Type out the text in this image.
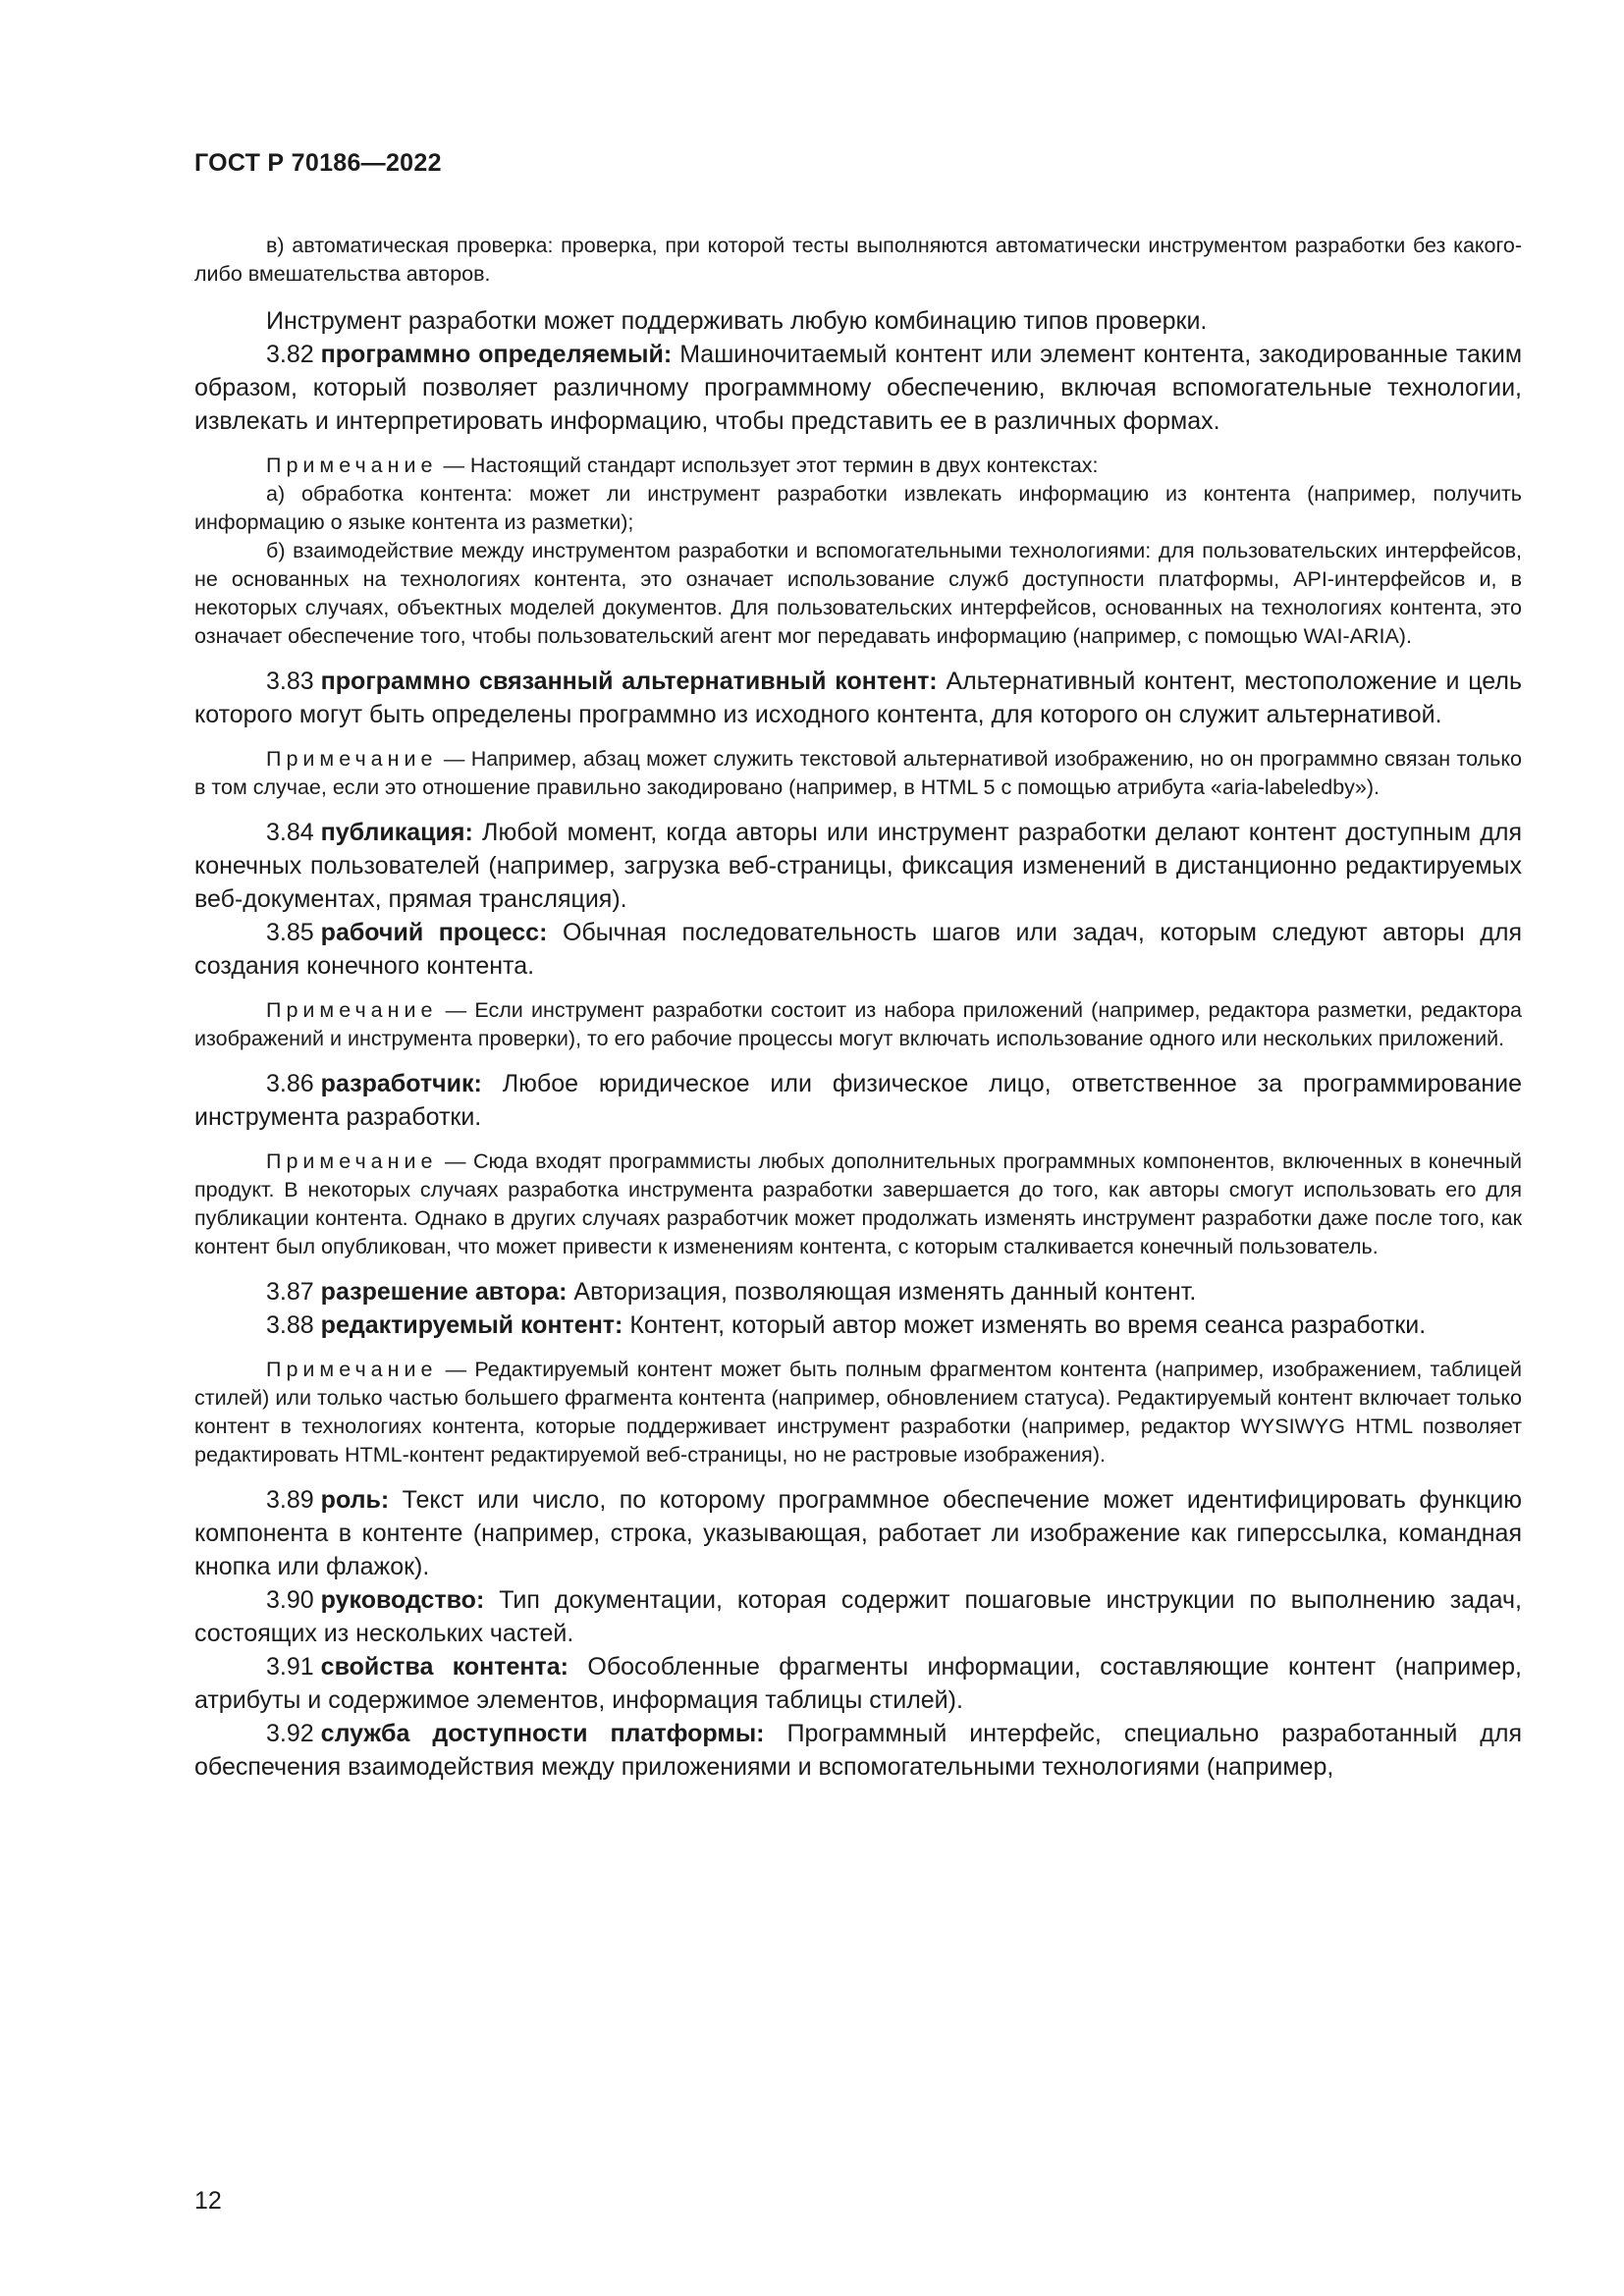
ГОСТ Р 70186—2022

в) автоматическая проверка: проверка, при которой тесты выполняются автоматически инструментом разработки без какого-либо вмешательства авторов.

Инструмент разработки может поддерживать любую комбинацию типов проверки.

3.82 программно определяемый: Машиночитаемый контент или элемент контента, закодированные таким образом, который позволяет различному программному обеспечению, включая вспомогательные технологии, извлекать и интерпретировать информацию, чтобы представить ее в различных формах.

Примечание — Настоящий стандарт использует этот термин в двух контекстах:

а) обработка контента: может ли инструмент разработки извлекать информацию из контента (например, получить информацию о языке контента из разметки);

б) взаимодействие между инструментом разработки и вспомогательными технологиями: для пользовательских интерфейсов, не основанных на технологиях контента, это означает использование служб доступности платформы, API-интерфейсов и, в некоторых случаях, объектных моделей документов. Для пользовательских интерфейсов, основанных на технологиях контента, это означает обеспечение того, чтобы пользовательский агент мог передавать информацию (например, с помощью WAI-ARIA).

3.83 программно связанный альтернативный контент: Альтернативный контент, местоположение и цель которого могут быть определены программно из исходного контента, для которого он служит альтернативой.

Примечание — Например, абзац может служить текстовой альтернативой изображению, но он программно связан только в том случае, если это отношение правильно закодировано (например, в HTML 5 с помощью атрибута «aria-labeledby»).

3.84 публикация: Любой момент, когда авторы или инструмент разработки делают контент доступным для конечных пользователей (например, загрузка веб-страницы, фиксация изменений в дистанционно редактируемых веб-документах, прямая трансляция).

3.85 рабочий процесс: Обычная последовательность шагов или задач, которым следуют авторы для создания конечного контента.

Примечание — Если инструмент разработки состоит из набора приложений (например, редактора разметки, редактора изображений и инструмента проверки), то его рабочие процессы могут включать использование одного или нескольких приложений.

3.86 разработчик: Любое юридическое или физическое лицо, ответственное за программирование инструмента разработки.

Примечание — Сюда входят программисты любых дополнительных программных компонентов, включенных в конечный продукт. В некоторых случаях разработка инструмента разработки завершается до того, как авторы смогут использовать его для публикации контента. Однако в других случаях разработчик может продолжать изменять инструмент разработки даже после того, как контент был опубликован, что может привести к изменениям контента, с которым сталкивается конечный пользователь.

3.87 разрешение автора: Авторизация, позволяющая изменять данный контент.

3.88 редактируемый контент: Контент, который автор может изменять во время сеанса разработки.

Примечание — Редактируемый контент может быть полным фрагментом контента (например, изображением, таблицей стилей) или только частью большего фрагмента контента (например, обновлением статуса). Редактируемый контент включает только контент в технологиях контента, которые поддерживает инструмент разработки (например, редактор WYSIWYG HTML позволяет редактировать HTML-контент редактируемой веб-страницы, но не растровые изображения).

3.89 роль: Текст или число, по которому программное обеспечение может идентифицировать функцию компонента в контенте (например, строка, указывающая, работает ли изображение как гиперссылка, командная кнопка или флажок).

3.90 руководство: Тип документации, которая содержит пошаговые инструкции по выполнению задач, состоящих из нескольких частей.

3.91 свойства контента: Обособленные фрагменты информации, составляющие контент (например, атрибуты и содержимое элементов, информация таблицы стилей).

3.92 служба доступности платформы: Программный интерфейс, специально разработанный для обеспечения взаимодействия между приложениями и вспомогательными технологиями (например,

12
